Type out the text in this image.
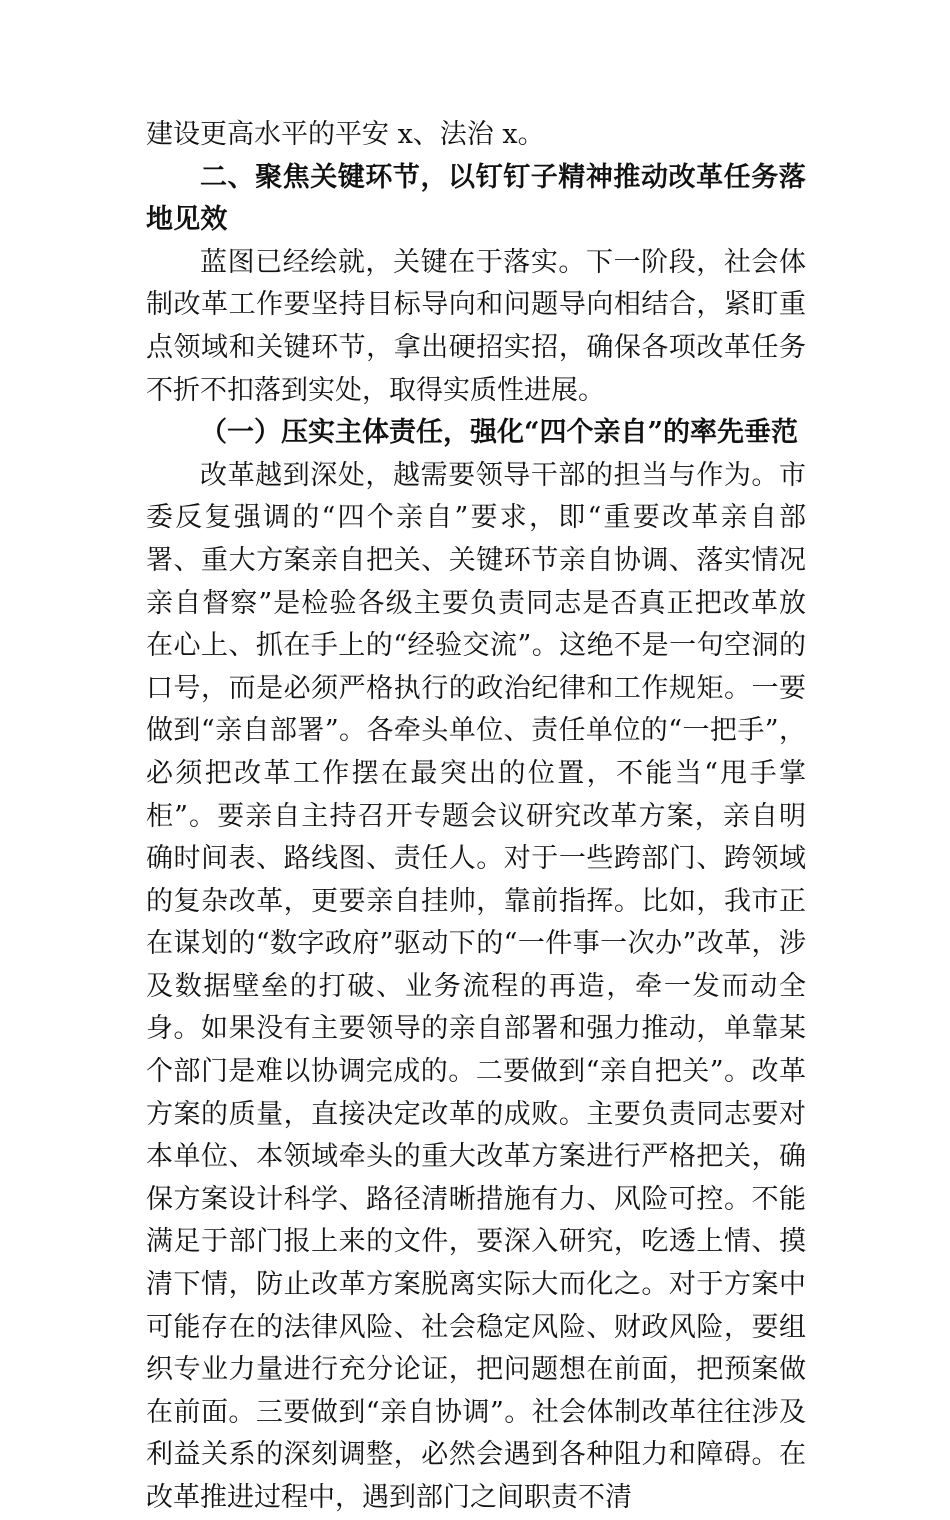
建设更高水平的平安 x、法治 x。

二、聚焦关键环节，以钉钉子精神推动改革任务落地见效

蓝图已经绘就，关键在于落实。下一阶段，社会体制改革工作要坚持目标导向和问题导向相结合，紧盯重点领域和关键环节，拿出硬招实招，确保各项改革任务不折不扣落到实处，取得实质性进展。

（一）压实主体责任，强化“四个亲自”的率先垂范

改革越到深处，越需要领导干部的担当与作为。市委反复强调的“四个亲自”要求，即“重要改革亲自部署、重大方案亲自把关、关键环节亲自协调、落实情况亲自督察”是检验各级主要负责同志是否真正把改革放在心上、抓在手上的“经验交流”。这绝不是一句空洞的口号，而是必须严格执行的政治纪律和工作规矩。一要做到“亲自部署”。各牵头单位、责任单位的“一把手”，必须把改革工作摆在最突出的位置，不能当“甩手掌柜”。要亲自主持召开专题会议研究改革方案，亲自明确时间表、路线图、责任人。对于一些跨部门、跨领域的复杂改革，更要亲自挂帅，靠前指挥。比如，我市正在谋划的“数字政府”驱动下的“一件事一次办”改革，涉及数据壁垒的打破、业务流程的再造，牵一发而动全身。如果没有主要领导的亲自部署和强力推动，单靠某个部门是难以协调完成的。二要做到“亲自把关”。改革方案的质量，直接决定改革的成败。主要负责同志要对本单位、本领域牵头的重大改革方案进行严格把关，确保方案设计科学、路径清晰措施有力、风险可控。不能满足于部门报上来的文件，要深入研究，吃透上情、摸清下情，防止改革方案脱离实际大而化之。对于方案中可能存在的法律风险、社会稳定风险、财政风险，要组织专业力量进行充分论证，把问题想在前面，把预案做在前面。三要做到“亲自协调”。社会体制改革往往涉及利益关系的深刻调整，必然会遇到各种阻力和障碍。在改革推进过程中，遇到部门之间职责不清
